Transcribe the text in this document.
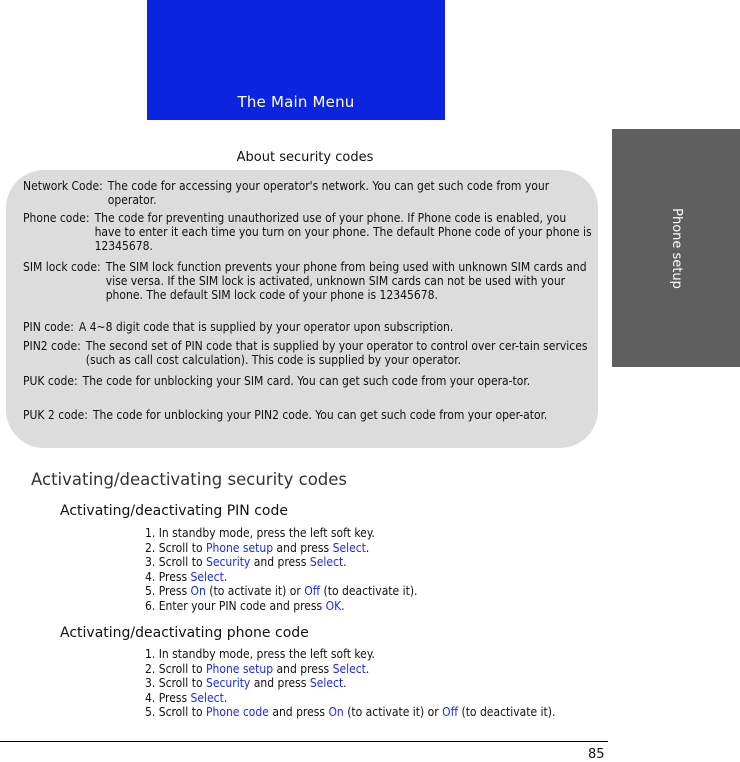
The Main Menu
Phone setup
About security codes
Network Code: The code for accessing your operator's network. You can get such code from your operator.
Phone code: The code for preventing unauthorized use of your phone. If Phone code is enabled, you have to enter it each time you turn on your phone. The default Phone code of your phone is 12345678.
SIM lock code: The SIM lock function prevents your phone from being used with unknown SIM cards and vise versa. If the SIM lock is activated, unknown SIM cards can not be used with your phone. The default SIM lock code of your phone is 12345678.
PIN code: A 4~8 digit code that is supplied by your operator upon subscription.
PIN2 code: The second set of PIN code that is supplied by your operator to control over cer-tain services (such as call cost calculation). This code is supplied by your operator.
PUK code: The code for unblocking your SIM card. You can get such code from your opera-tor.
PUK 2 code: The code for unblocking your PIN2 code. You can get such code from your oper-ator.
Activating/deactivating security codes
Activating/deactivating PIN code
1. In standby mode, press the left soft key.
2. Scroll to Phone setup and press Select.
3. Scroll to Security and press Select.
4. Press Select.
5. Press On (to activate it) or Off (to deactivate it).
6. Enter your PIN code and press OK.
Activating/deactivating phone code
1. In standby mode, press the left soft key.
2. Scroll to Phone setup and press Select.
3. Scroll to Security and press Select.
4. Press Select.
5. Scroll to Phone code and press On (to activate it) or Off (to deactivate it).
85
